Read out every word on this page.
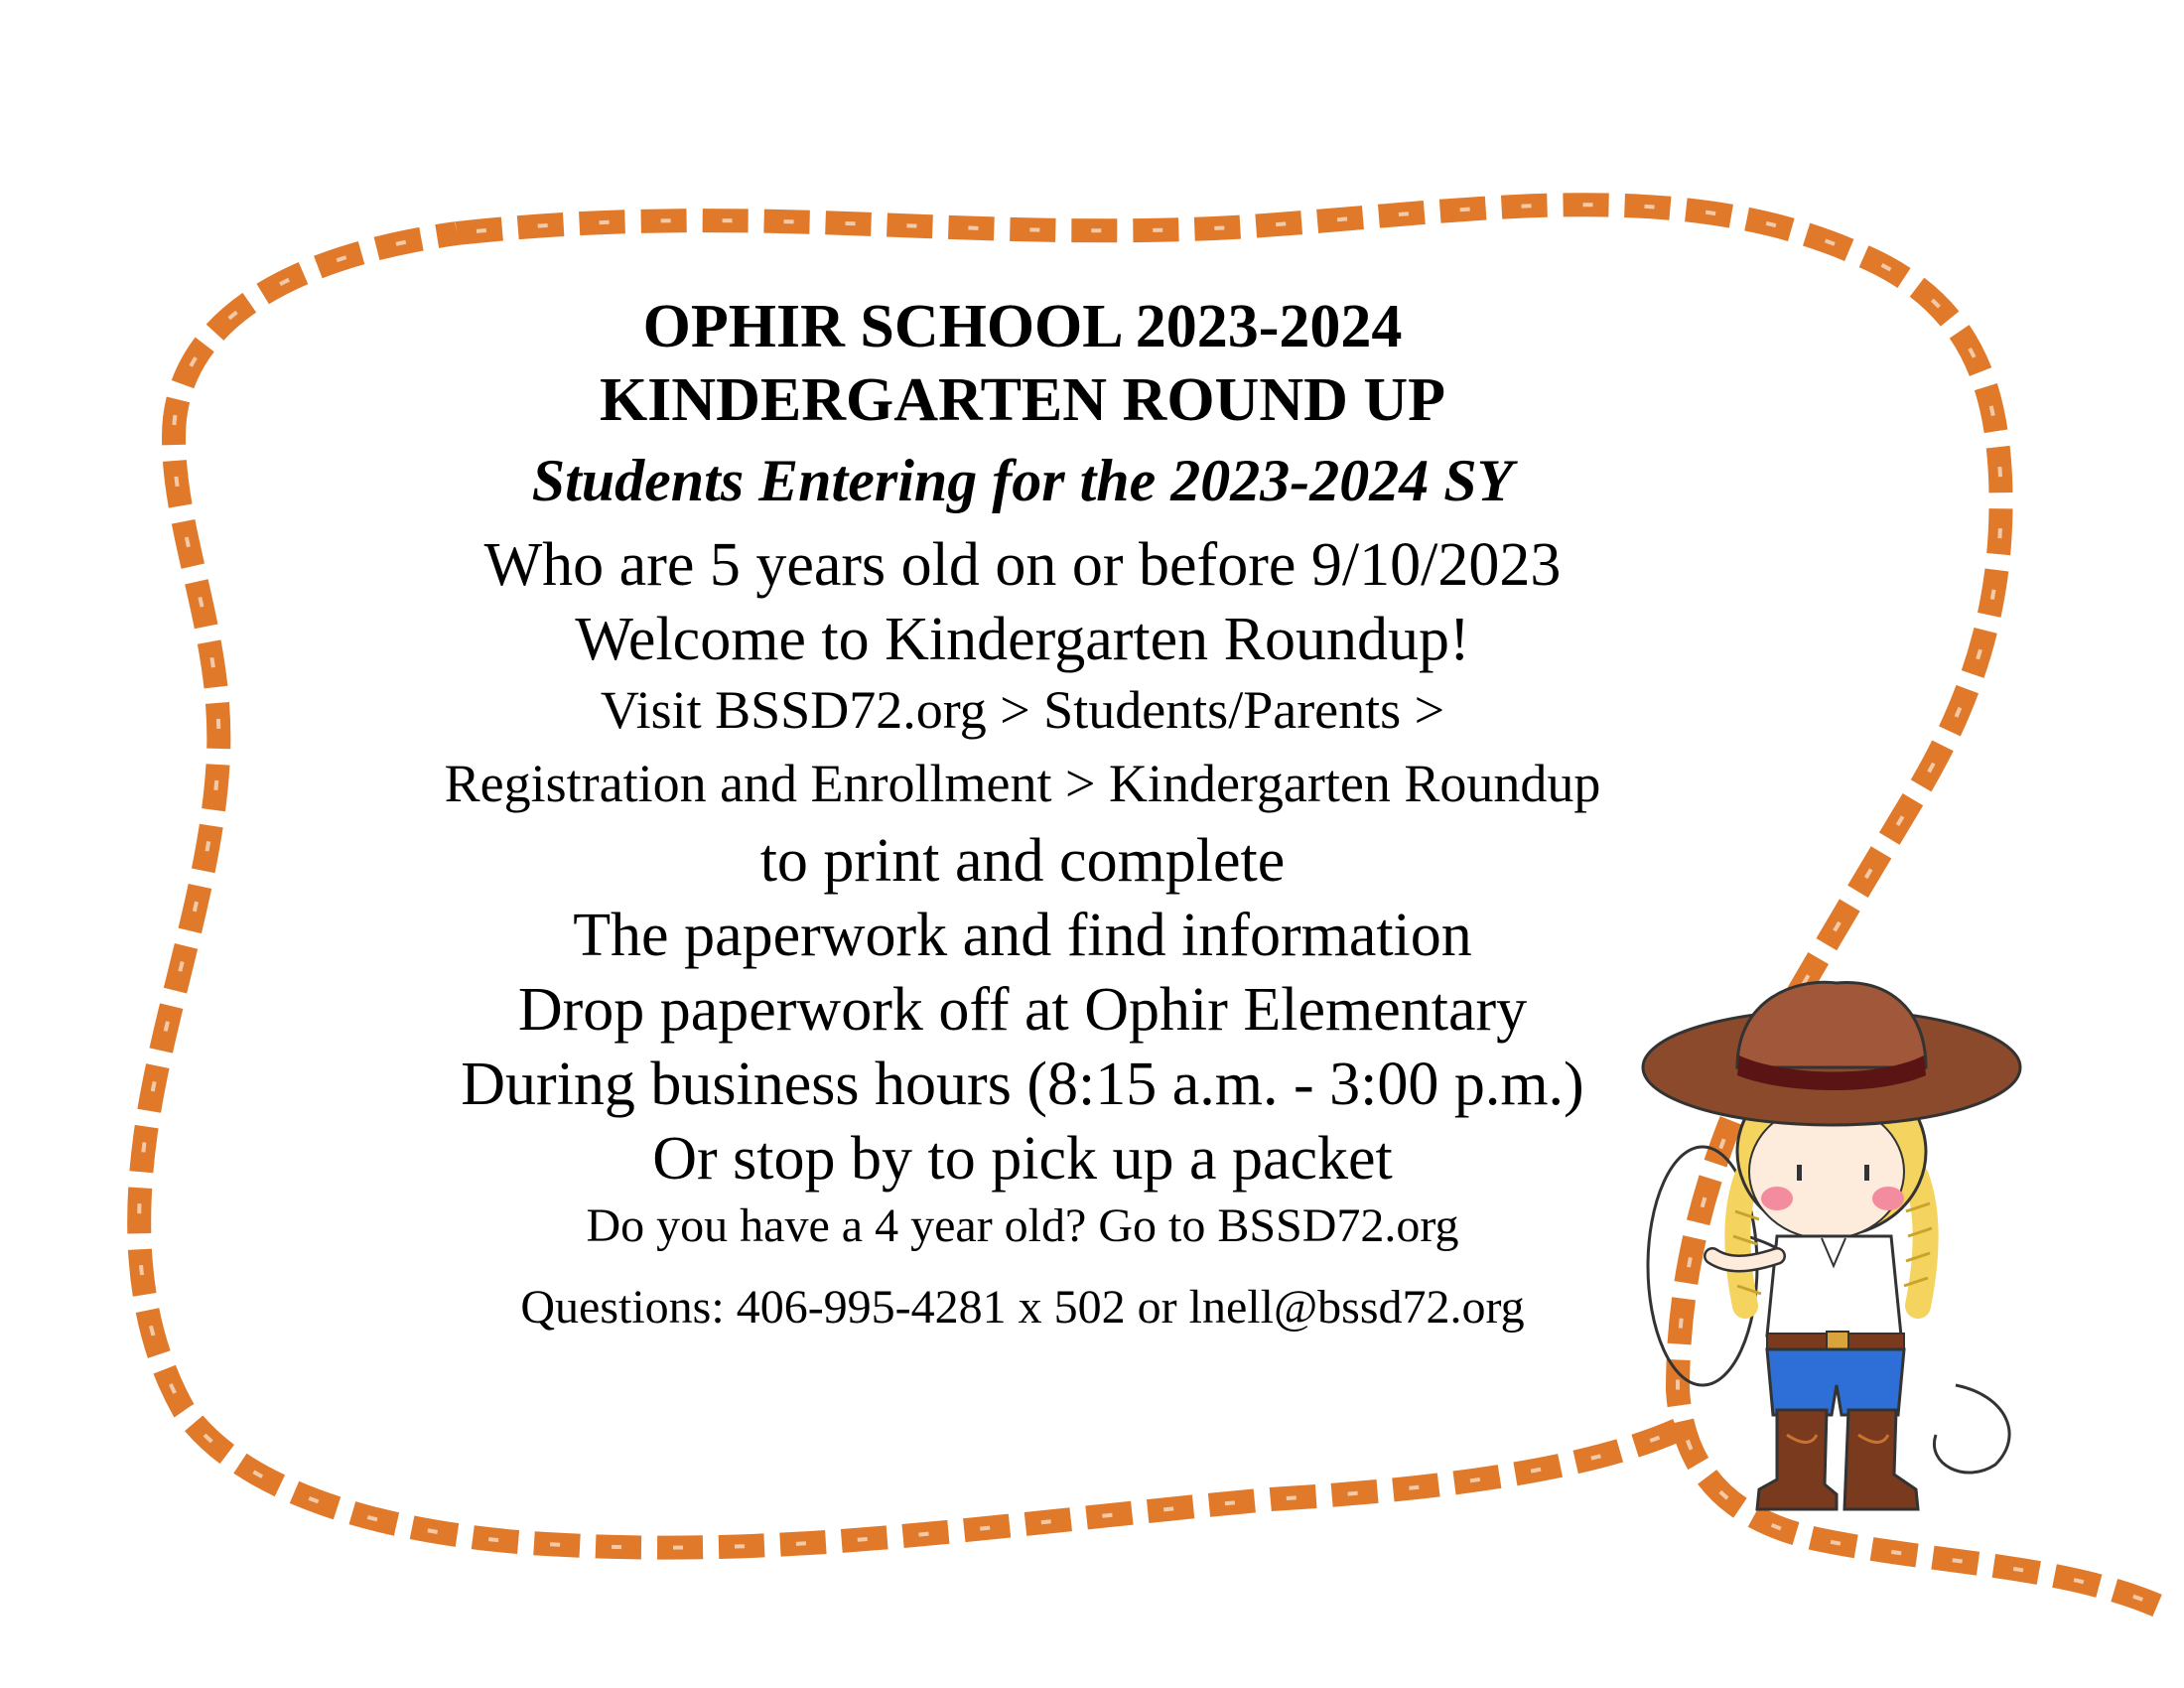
OPHIR SCHOOL 2023-2024
KINDERGARTEN ROUND UP
Students Entering for the 2023-2024 SY
Who are 5 years old on or before 9/10/2023
Welcome to Kindergarten Roundup!
Visit BSSD72.org > Students/Parents >
Registration and Enrollment > Kindergarten Roundup
to print and complete
The paperwork and find information
Drop paperwork off at Ophir Elementary
During business hours (8:15 a.m. - 3:00 p.m.)
Or stop by to pick up a packet
Do you have a 4 year old? Go to BSSD72.org
Questions: 406-995-4281 x 502 or lnell@bssd72.org
